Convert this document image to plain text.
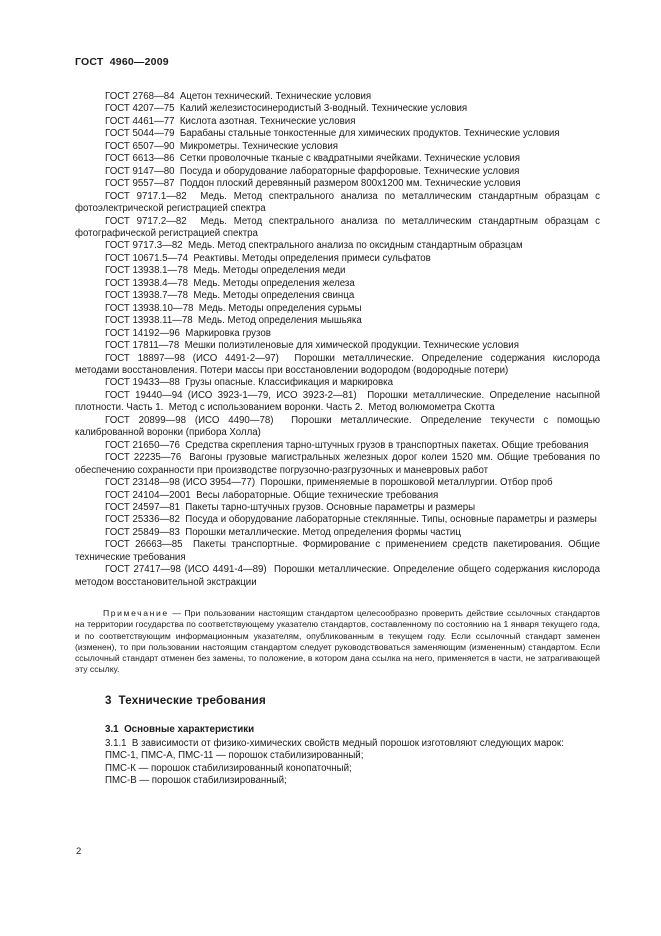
ГОСТ  4960—2009

ГОСТ 2768—84  Ацетон технический. Технические условия

ГОСТ 4207—75  Калий железистосинеродистый 3-водный. Технические условия

ГОСТ 4461—77  Кислота азотная. Технические условия

ГОСТ 5044—79  Барабаны стальные тонкостенные для химических продуктов. Технические условия

ГОСТ 6507—90  Микрометры. Технические условия

ГОСТ 6613—86  Сетки проволочные тканые с квадратными ячейками. Технические условия

ГОСТ 9147—80  Посуда и оборудование лабораторные фарфоровые. Технические условия

ГОСТ 9557—87  Поддон плоский деревянный размером 800х1200 мм. Технические условия

ГОСТ 9717.1—82  Медь. Метод спектрального анализа по металлическим стандартным образцам с фотоэлектрической регистрацией спектра

ГОСТ 9717.2—82  Медь. Метод спектрального анализа по металлическим стандартным образцам с фотографической регистрацией спектра

ГОСТ 9717.3—82  Медь. Метод спектрального анализа по оксидным стандартным образцам

ГОСТ 10671.5—74  Реактивы. Методы определения примеси сульфатов

ГОСТ 13938.1—78  Медь. Методы определения меди

ГОСТ 13938.4—78  Медь. Методы определения железа

ГОСТ 13938.7—78  Медь. Методы определения свинца

ГОСТ 13938.10—78  Медь. Методы определения сурьмы

ГОСТ 13938.11—78  Медь. Метод определения мышьяка

ГОСТ 14192—96  Маркировка грузов

ГОСТ 17811—78  Мешки полиэтиленовые для химической продукции. Технические условия

ГОСТ 18897—98 (ИСО 4491-2—97)  Порошки металлические. Определение содержания кислорода методами восстановления. Потери массы при восстановлении водородом (водородные потери)

ГОСТ 19433—88  Грузы опасные. Классификация и маркировка

ГОСТ 19440—94 (ИСО 3923-1—79, ИСО 3923-2—81)  Порошки металлические. Определение насыпной плотности. Часть 1.  Метод с использованием воронки. Часть 2.  Метод волюмометра Скотта

ГОСТ 20899—98 (ИСО 4490—78)  Порошки металлические. Определение текучести с помощью калиброванной воронки (прибора Холла)

ГОСТ 21650—76  Средства скрепления тарно-штучных грузов в транспортных пакетах. Общие требования

ГОСТ 22235—76  Вагоны грузовые магистральных железных дорог колеи 1520 мм. Общие требования по обеспечению сохранности при производстве погрузочно-разгрузочных и маневровых работ

ГОСТ 23148—98 (ИСО 3954—77)  Порошки, применяемые в порошковой металлургии. Отбор проб

ГОСТ 24104—2001  Весы лабораторные. Общие технические требования

ГОСТ 24597—81  Пакеты тарно-штучных грузов. Основные параметры и размеры

ГОСТ 25336—82  Посуда и оборудование лабораторные стеклянные. Типы, основные параметры и размеры

ГОСТ 25849—83  Порошки металлические. Метод определения формы частиц

ГОСТ 26663—85  Пакеты транспортные. Формирование с применением средств пакетирования. Общие технические требования

ГОСТ 27417—98 (ИСО 4491-4—89)  Порошки металлические. Определение общего содержания кислорода методом восстановительной экстракции

Примечание — При пользовании настоящим стандартом целесообразно проверить действие ссылочных стандартов на территории государства по соответствующему указателю стандартов, составленному по состоянию на 1 января текущего года, и по соответствующим информационным указателям, опубликованным в текущем году. Если ссылочный стандарт заменен (изменен), то при пользовании настоящим стандартом следует руководствоваться заменяющим (измененным) стандартом. Если ссылочный стандарт отменен без замены, то положение, в котором дана ссылка на него, применяется в части, не затрагивающей эту ссылку.

3  Технические требования
3.1  Основные характеристики

3.1.1  В зависимости от физико-химических свойств медный порошок изготовляют следующих марок:

ПМС-1, ПМС-А, ПМС-11 — порошок стабилизированный;

ПМС-К — порошок стабилизированный конопаточный;

ПМС-В — порошок стабилизированный;

2
